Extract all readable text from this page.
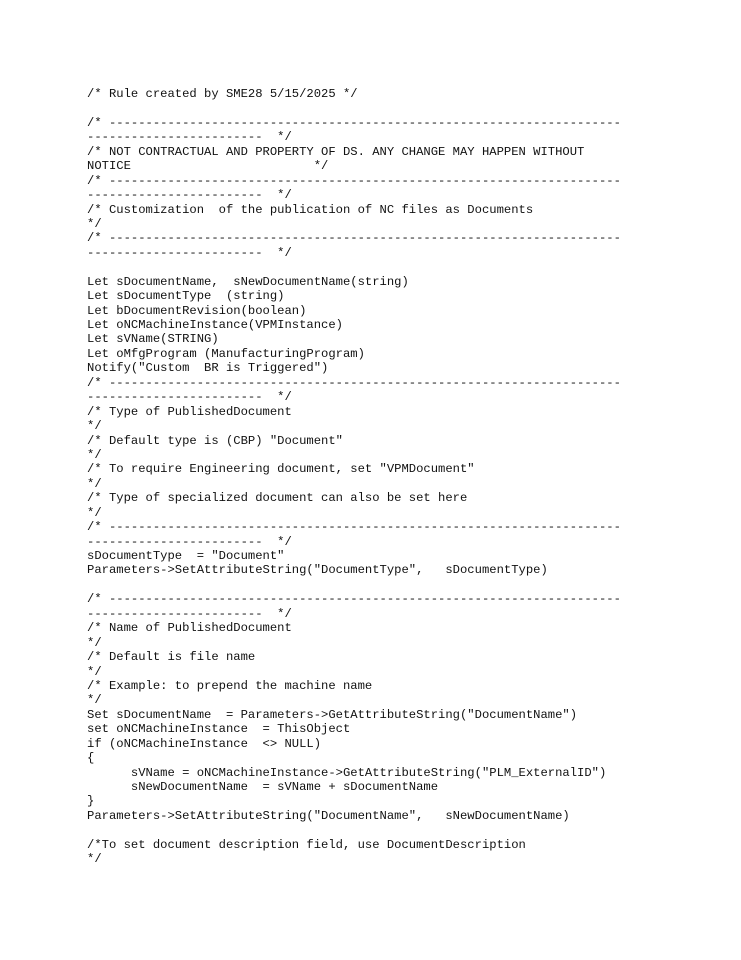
/* Rule created by SME28 5/15/2025 */
/* ----------------------------------------------------------------------
------------------------  */
/* NOT CONTRACTUAL AND PROPERTY OF DS. ANY CHANGE MAY HAPPEN WITHOUT
NOTICE                         */
/* ----------------------------------------------------------------------
------------------------  */
/* Customization  of the publication of NC files as Documents
*/
/* ----------------------------------------------------------------------
------------------------  */
Let sDocumentName,  sNewDocumentName(string)
Let sDocumentType  (string)
Let bDocumentRevision(boolean)
Let oNCMachineInstance(VPMInstance)
Let sVName(STRING)
Let oMfgProgram (ManufacturingProgram)
Notify("Custom  BR is Triggered")
/* ----------------------------------------------------------------------
------------------------  */
/* Type of PublishedDocument
*/
/* Default type is (CBP) "Document"
*/
/* To require Engineering document, set "VPMDocument"
*/
/* Type of specialized document can also be set here
*/
/* ----------------------------------------------------------------------
------------------------  */
sDocumentType  = "Document"
Parameters->SetAttributeString("DocumentType",   sDocumentType)
/* ----------------------------------------------------------------------
------------------------  */
/* Name of PublishedDocument
*/
/* Default is file name
*/
/* Example: to prepend the machine name
*/
Set sDocumentName  = Parameters->GetAttributeString("DocumentName")
set oNCMachineInstance  = ThisObject
if (oNCMachineInstance  <> NULL)
{
sVName = oNCMachineInstance->GetAttributeString("PLM_ExternalID")
sNewDocumentName  = sVName + sDocumentName
}
Parameters->SetAttributeString("DocumentName",   sNewDocumentName)
/*To set document description field, use DocumentDescription
*/
